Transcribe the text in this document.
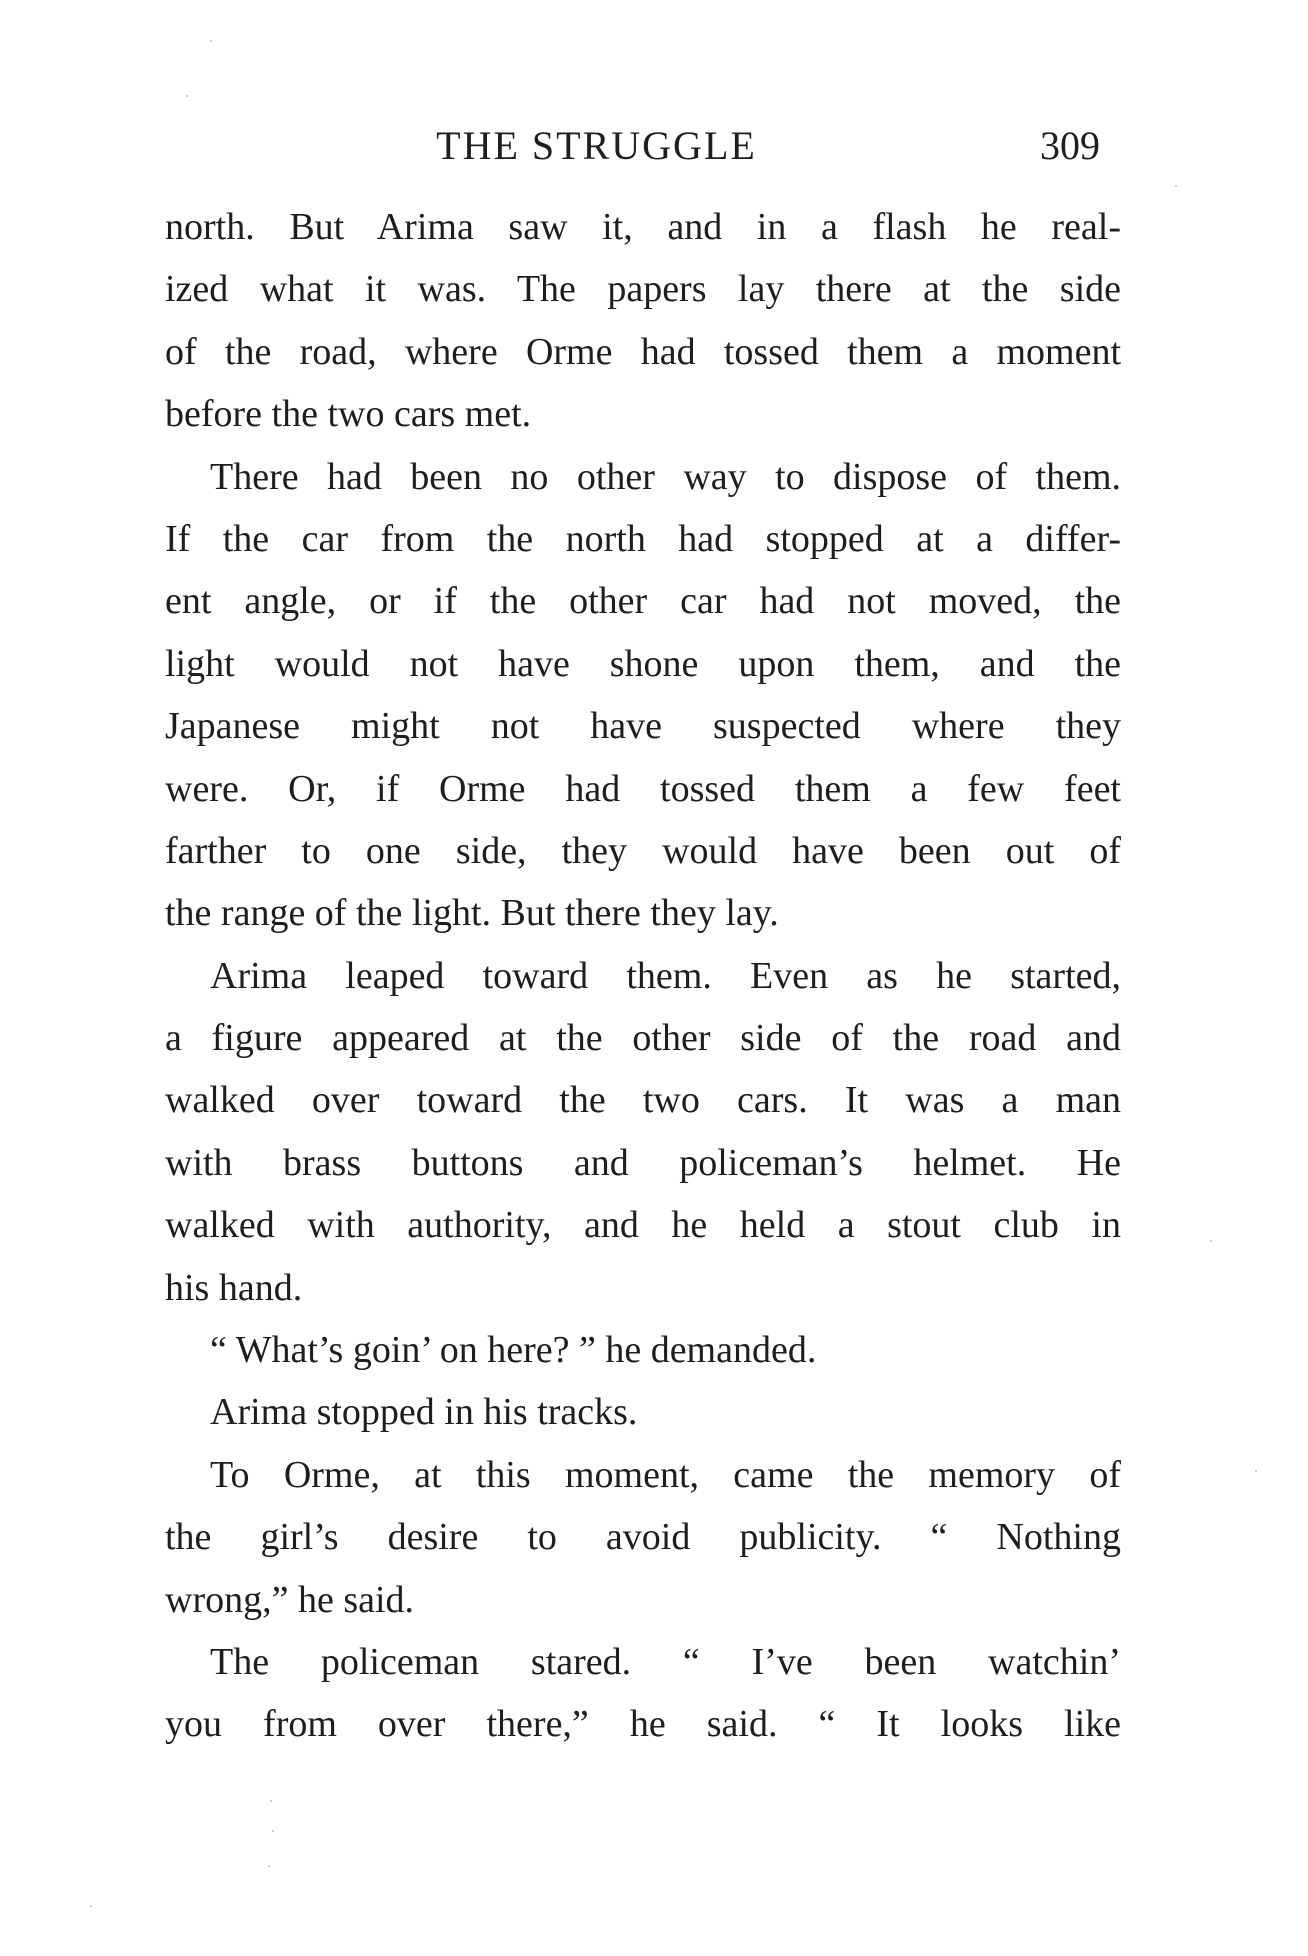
THE STRUGGLE	309
north. But Arima saw it, and in a flash he real-
ized what it was. The papers lay there at the side
of the road, where Orme had tossed them a moment
before the two cars met.
There had been no other way to dispose of them.
If the car from the north had stopped at a differ-
ent angle, or if the other car had not moved, the
light would not have shone upon them, and the
Japanese might not have suspected where they
were. Or, if Orme had tossed them a few feet
farther to one side, they would have been out of
the range of the light. But there they lay.
Arima leaped toward them. Even as he started,
a figure appeared at the other side of the road and
walked over toward the two cars. It was a man
with brass buttons and policeman’s helmet. He
walked with authority, and he held a stout club in
his hand.
“ What’s goin’ on here? ” he demanded.
Arima stopped in his tracks.
To Orme, at this moment, came the memory of
the girl’s desire to avoid publicity. “ Nothing
wrong,” he said.
The policeman stared. “ I’ve been watchin’
you from over there,” he said. “ It looks like
